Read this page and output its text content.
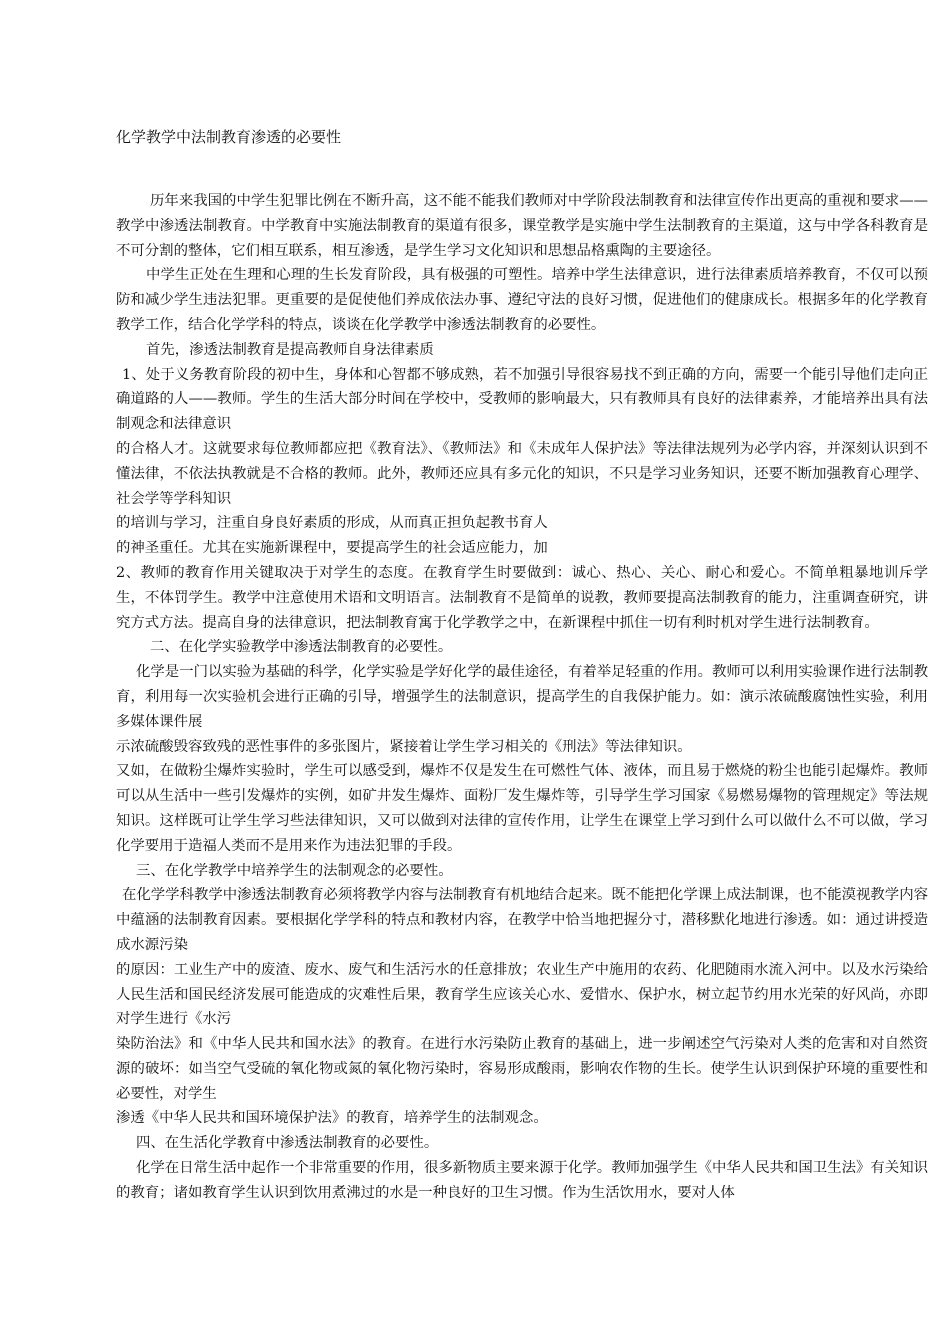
化学教学中法制教育渗透的必要性

历年来我国的中学生犯罪比例在不断升高，这不能不能我们教师对中学阶段法制教育和法律宣传作出更高的重视和要求——教学中渗透法制教育。中学教育中实施法制教育的渠道有很多，课堂教学是实施中学生法制教育的主渠道，这与中学各科教育是不可分割的整体，它们相互联系，相互渗透，是学生学习文化知识和思想品格熏陶的主要途径。

中学生正处在生理和心理的生长发育阶段，具有极强的可塑性。培养中学生法律意识，进行法律素质培养教育，不仅可以预防和减少学生违法犯罪。更重要的是促使他们养成依法办事、遵纪守法的良好习惯，促进他们的健康成长。根据多年的化学教育教学工作，结合化学学科的特点，谈谈在化学教学中渗透法制教育的必要性。

首先，渗透法制教育是提高教师自身法律素质

1、处于义务教育阶段的初中生，身体和心智都不够成熟，若不加强引导很容易找不到正确的方向，需要一个能引导他们走向正确道路的人——教师。学生的生活大部分时间在学校中，受教师的影响最大，只有教师具有良好的法律素养，才能培养出具有法制观念和法律意识

的合格人才。这就要求每位教师都应把《教育法》、《教师法》和《未成年人保护法》等法律法规列为必学内容，并深刻认识到不懂法律，不依法执教就是不合格的教师。此外，教师还应具有多元化的知识，不只是学习业务知识，还要不断加强教育心理学、社会学等学科知识

的培训与学习，注重自身良好素质的形成，从而真正担负起教书育人

的神圣重任。尤其在实施新课程中，要提高学生的社会适应能力，加

2、教师的教育作用关键取决于对学生的态度。在教育学生时要做到：诚心、热心、关心、耐心和爱心。不简单粗暴地训斥学生，不体罚学生。教学中注意使用术语和文明语言。法制教育不是简单的说教，教师要提高法制教育的能力，注重调查研究，讲究方式方法。提高自身的法律意识，把法制教育寓于化学教学之中，在新课程中抓住一切有利时机对学生进行法制教育。

二、在化学实验教学中渗透法制教育的必要性。

化学是一门以实验为基础的科学，化学实验是学好化学的最佳途径，有着举足轻重的作用。教师可以利用实验课作进行法制教育，利用每一次实验机会进行正确的引导，增强学生的法制意识，提高学生的自我保护能力。如：演示浓硫酸腐蚀性实验，利用多媒体课件展

示浓硫酸毁容致残的恶性事件的多张图片，紧接着让学生学习相关的《刑法》等法律知识。

又如，在做粉尘爆炸实验时，学生可以感受到，爆炸不仅是发生在可燃性气体、液体，而且易于燃烧的粉尘也能引起爆炸。教师可以从生活中一些引发爆炸的实例，如矿井发生爆炸、面粉厂发生爆炸等，引导学生学习国家《易燃易爆物的管理规定》等法规知识。这样既可让学生学习些法律知识，又可以做到对法律的宣传作用，让学生在课堂上学习到什么可以做什么不可以做，学习化学要用于造福人类而不是用来作为违法犯罪的手段。

三、在化学教学中培养学生的法制观念的必要性。

在化学学科教学中渗透法制教育必须将教学内容与法制教育有机地结合起来。既不能把化学课上成法制课，也不能漠视教学内容中蕴涵的法制教育因素。要根据化学学科的特点和教材内容，在教学中恰当地把握分寸，潜移默化地进行渗透。如：通过讲授造成水源污染

的原因：工业生产中的废渣、废水、废气和生活污水的任意排放；农业生产中施用的农药、化肥随雨水流入河中。以及水污染给人民生活和国民经济发展可能造成的灾难性后果，教育学生应该关心水、爱惜水、保护水，树立起节约用水光荣的好风尚，亦即对学生进行《水污

染防治法》和《中华人民共和国水法》的教育。在进行水污染防止教育的基础上，进一步阐述空气污染对人类的危害和对自然资源的破坏：如当空气受硫的氧化物或氮的氧化物污染时，容易形成酸雨，影响农作物的生长。使学生认识到保护环境的重要性和必要性，对学生

渗透《中华人民共和国环境保护法》的教育，培养学生的法制观念。

四、在生活化学教育中渗透法制教育的必要性。

化学在日常生活中起作一个非常重要的作用，很多新物质主要来源于化学。教师加强学生《中华人民共和国卫生法》有关知识的教育；诸如教育学生认识到饮用煮沸过的水是一种良好的卫生习惯。作为生活饮用水，要对人体
